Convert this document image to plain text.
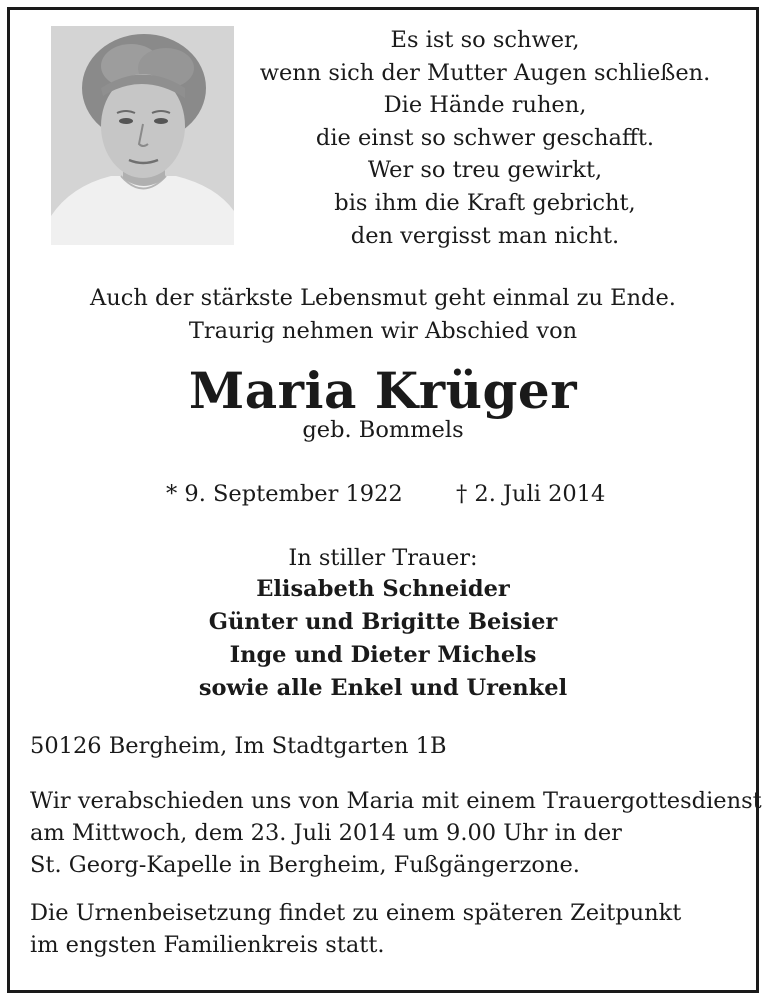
Es ist so schwer,
wenn sich der Mutter Augen schließen.
Die Hände ruhen,
die einst so schwer geschafft.
Wer so treu gewirkt,
bis ihm die Kraft gebricht,
den vergisst man nicht.
Auch der stärkste Lebensmut geht einmal zu Ende.
Traurig nehmen wir Abschied von
Maria Krüger
geb. Bommels
* 9. September 1922 † 2. Juli 2014
In stiller Trauer:
Elisabeth Schneider
Günter und Brigitte Beisier
Inge und Dieter Michels
sowie alle Enkel und Urenkel
50126 Bergheim, Im Stadtgarten 1B
Wir verabschieden uns von Maria mit einem Trauergottesdienst
am Mittwoch, dem 23. Juli 2014 um 9.00 Uhr in der
St. Georg-Kapelle in Bergheim, Fußgängerzone.
Die Urnenbeisetzung findet zu einem späteren Zeitpunkt
im engsten Familienkreis statt.
